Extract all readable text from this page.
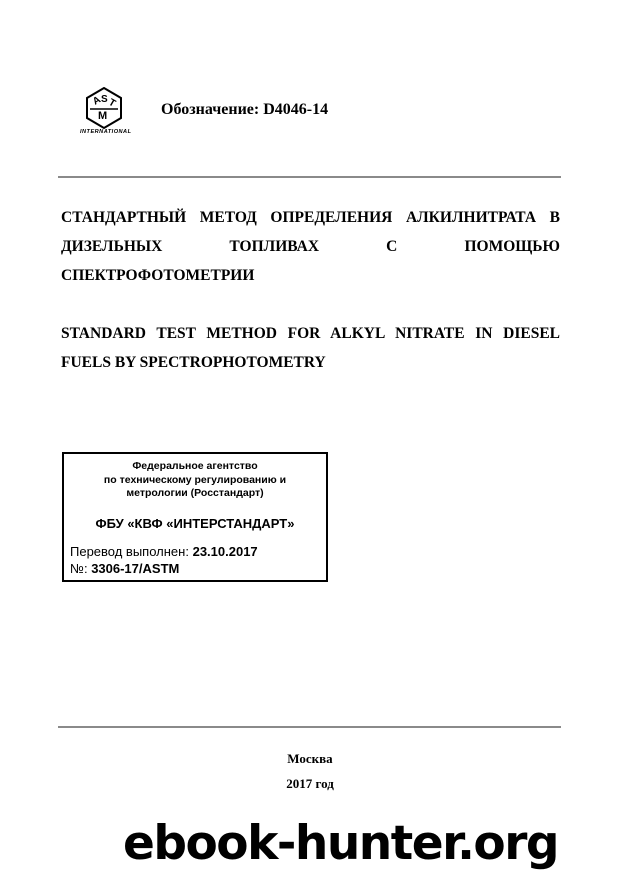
A
S
T
M
INTERNATIONAL
Обозначение: D4046-14
СТАНДАРТНЫЙ МЕТОД ОПРЕДЕЛЕНИЯ АЛКИЛНИТРАТА В ДИЗЕЛЬНЫХ ТОПЛИВАХ С ПОМОЩЬЮ СПЕКТРОФОТОМЕТРИИ
STANDARD TEST METHOD FOR ALKYL NITRATE IN DIESEL FUELS BY SPECTROPHOTOMETRY
Федеральное агентство
по техническому регулированию и
метрологии (Росстандарт)
ФБУ «КВФ «ИНТЕРСТАНДАРТ»
Перевод выполнен: 23.10.2017
№: 3306-17/ASTM
Москва
2017 год
ebook-hunter.org
